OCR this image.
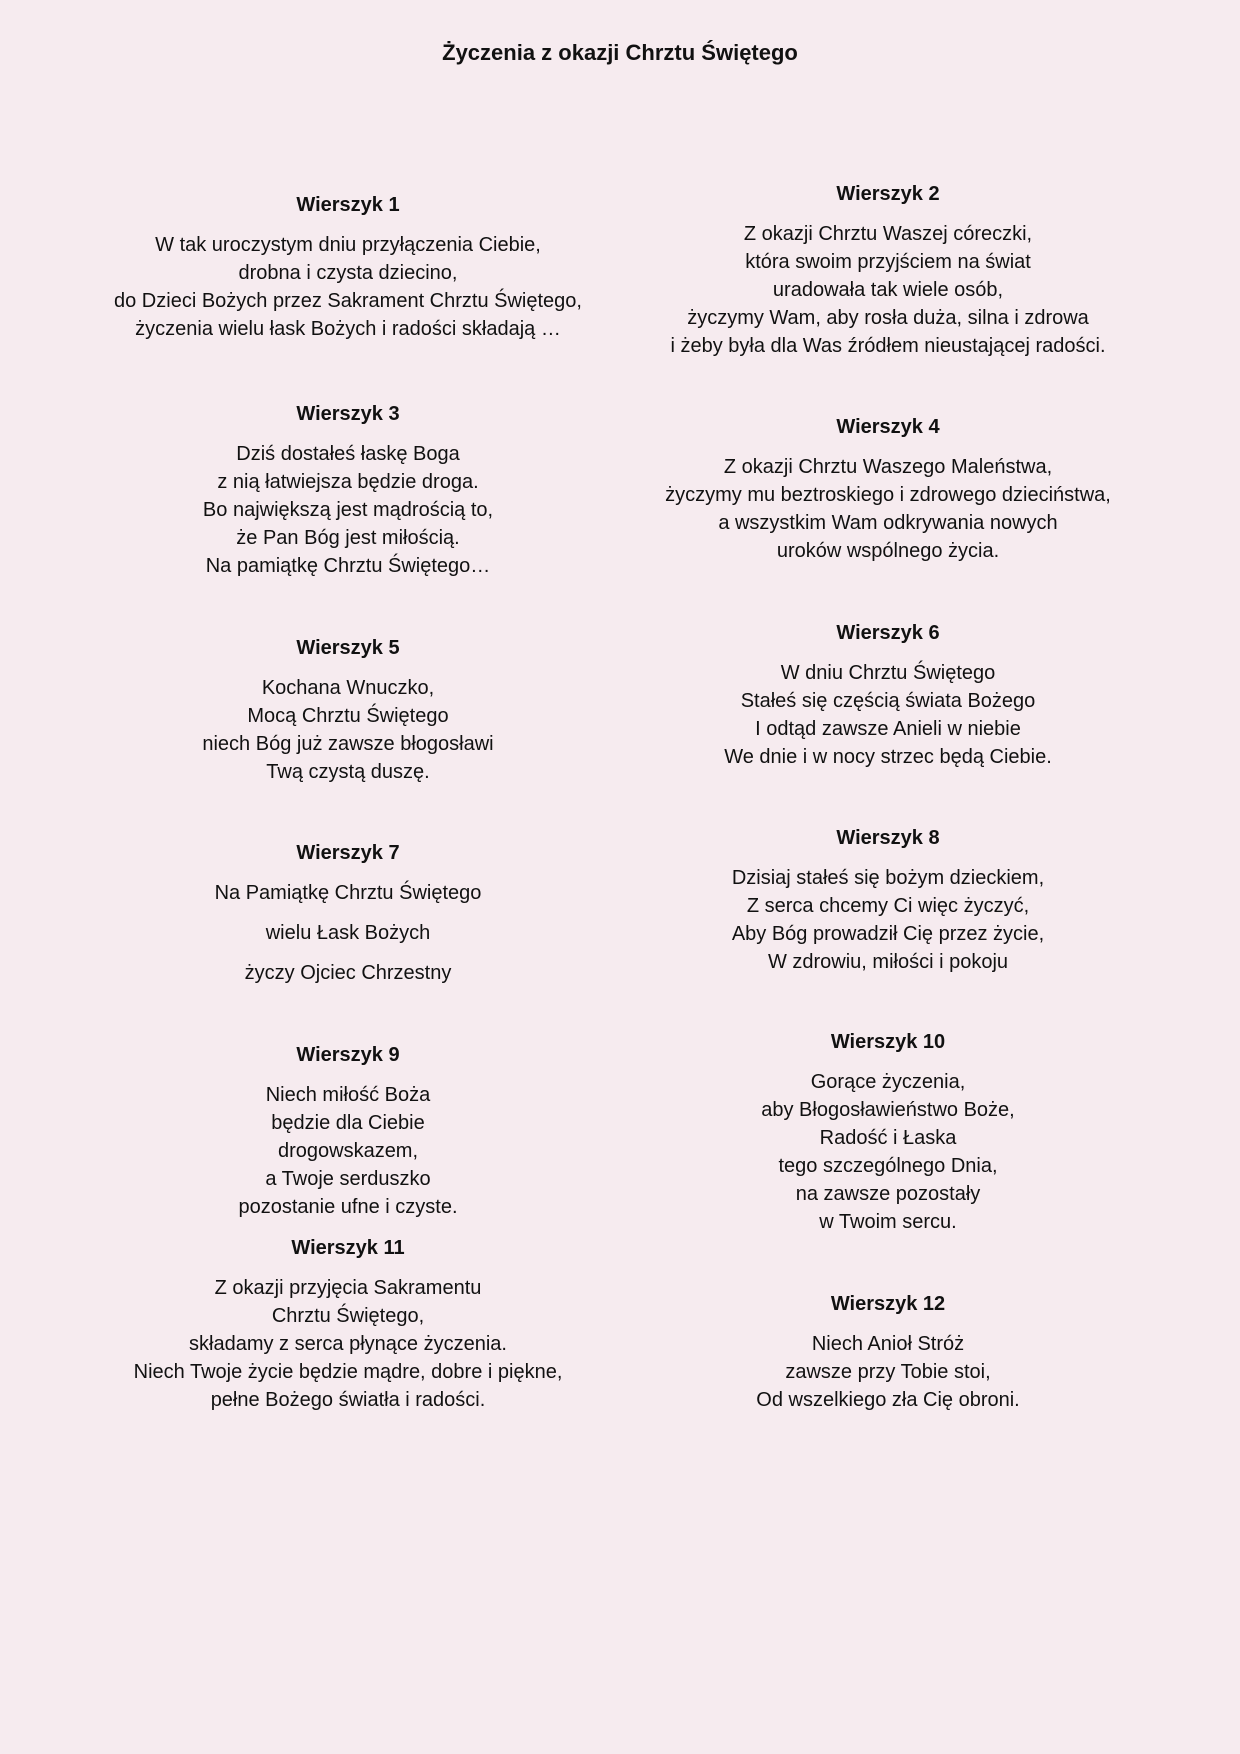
Życzenia z okazji Chrztu Świętego
Wierszyk 1

W tak uroczystym dniu przyłączenia Ciebie,

drobna i czysta dziecino,

do Dzieci Bożych przez Sakrament Chrztu Świętego,

życzenia wielu łask Bożych i radości składają …

Wierszyk 2

Z okazji Chrztu Waszej córeczki,

która swoim przyjściem na świat

uradowała tak wiele osób,

życzymy Wam, aby rosła duża, silna i zdrowa

i żeby była dla Was źródłem nieustającej radości.

Wierszyk 3

Dziś dostałeś łaskę Boga

z nią łatwiejsza będzie droga.

Bo największą jest mądrością to,

że Pan Bóg jest miłością.

Na pamiątkę Chrztu Świętego…

Wierszyk 4

Z okazji Chrztu Waszego Maleństwa,

życzymy mu beztroskiego i zdrowego dzieciństwa,

a wszystkim Wam odkrywania nowych

uroków wspólnego życia.

Wierszyk 5

Kochana Wnuczko,

Mocą Chrztu Świętego

niech Bóg już zawsze błogosławi

Twą czystą duszę.

Wierszyk 6

W dniu Chrztu Świętego

Stałeś się częścią świata Bożego

I odtąd zawsze Anieli w niebie

We dnie i w nocy strzec będą Ciebie.

Wierszyk 7

Na Pamiątkę Chrztu Świętego

wielu Łask Bożych

życzy Ojciec Chrzestny

Wierszyk 8

Dzisiaj stałeś się bożym dzieckiem,

Z serca chcemy Ci więc życzyć,

Aby Bóg prowadził Cię przez życie,

W zdrowiu, miłości i pokoju

Wierszyk 9

Niech miłość Boża

będzie dla Ciebie

drogowskazem,

a Twoje serduszko

pozostanie ufne i czyste.

Wierszyk 10

Gorące życzenia,

aby Błogosławieństwo Boże,

Radość i Łaska

tego szczególnego Dnia,

na zawsze pozostały

w Twoim sercu.

Wierszyk 11

Z okazji przyjęcia Sakramentu

Chrztu Świętego,

składamy z serca płynące życzenia.

Niech Twoje życie będzie mądre, dobre i piękne,

pełne Bożego światła i radości.

Wierszyk 12

Niech Anioł Stróż

zawsze przy Tobie stoi,

Od wszelkiego zła Cię obroni.
